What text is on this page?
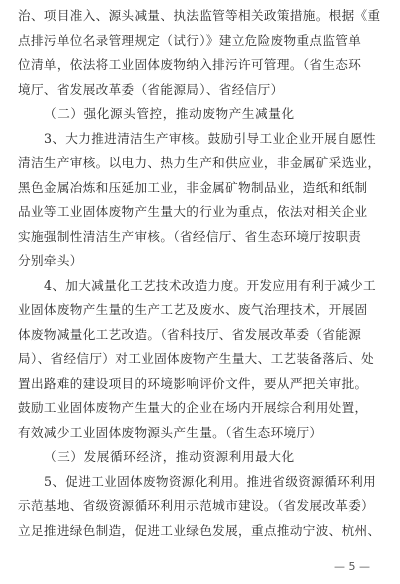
治、项目准入、源头减量、执法监管等相关政策措施。根据《重
点排污单位名录管理规定（试行）》建立危险废物重点监管单
位清单，依法将工业固体废物纳入排污许可管理。（省生态环
境厅、省发展改革委（省能源局）、省经信厅）
（二）强化源头管控，推动废物产生减量化
3、大力推进清洁生产审核。鼓励引导工业企业开展自愿性
清洁生产审核。以电力、热力生产和供应业，非金属矿采选业，
黑色金属冶炼和压延加工业，非金属矿物制品业，造纸和纸制
品业等工业固体废物产生量大的行业为重点，依法对相关企业
实施强制性清洁生产审核。（省经信厅、省生态环境厅按职责
分别牵头）
4、加大减量化工艺技术改造力度。开发应用有利于减少工
业固体废物产生量的生产工艺及废水、废气治理技术，开展固
体废物减量化工艺改造。（省科技厅、省发展改革委（省能源
局）、省经信厅）对工业固体废物产生量大、工艺装备落后、处
置出路难的建设项目的环境影响评价文件，要从严把关审批。
鼓励工业固体废物产生量大的企业在场内开展综合利用处置，
有效减少工业固体废物源头产生量。（省生态环境厅）
（三）发展循环经济，推动资源利用最大化
5、促进工业固体废物资源化利用。推进省级资源循环利用
示范基地、省级资源循环利用示范城市建设。（省发展改革委）
立足推进绿色制造，促进工业绿色发展，重点推动宁波、杭州、
— 5 —
